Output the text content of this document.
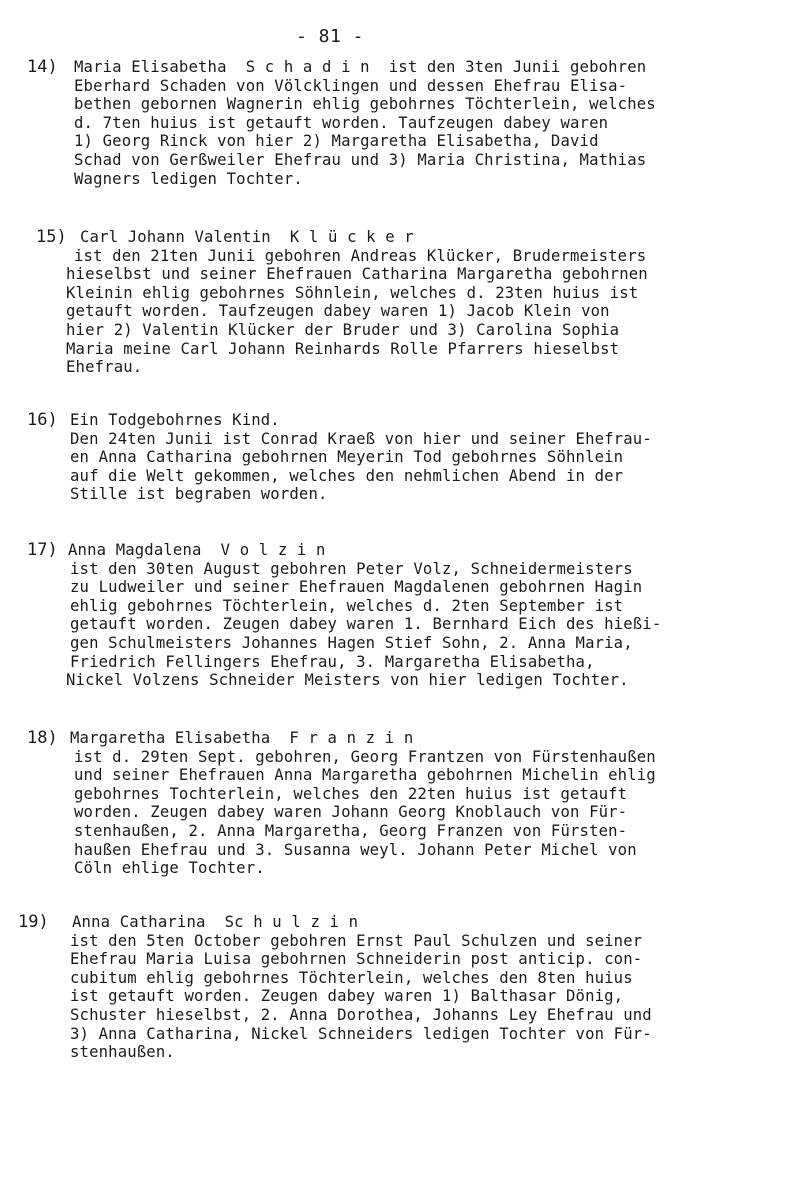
- 81 -
14) Maria Elisabetha  S c h a d i n  ist den 3ten Junii gebohren
Eberhard Schaden von Völcklingen und dessen Ehefrau Elisa-
bethen gebornen Wagnerin ehlig gebohrnes Töchterlein, welches
d. 7ten huius ist getauft worden. Taufzeugen dabey waren
1) Georg Rinck von hier 2) Margaretha Elisabetha, David
Schad von Gerßweiler Ehefrau und 3) Maria Christina, Mathias
Wagners ledigen Tochter.
15) Carl Johann Valentin  K l ü c k e r
ist den 21ten Junii gebohren Andreas Klücker, Brudermeisters
hieselbst und seiner Ehefrauen Catharina Margaretha gebohrnen
Kleinin ehlig gebohrnes Söhnlein, welches d. 23ten huius ist
getauft worden. Taufzeugen dabey waren 1) Jacob Klein von
hier 2) Valentin Klücker der Bruder und 3) Carolina Sophia
Maria meine Carl Johann Reinhards Rolle Pfarrers hieselbst
Ehefrau.
16) Ein Todgebohrnes Kind.
Den 24ten Junii ist Conrad Kraeß von hier und seiner Ehefrau-
en Anna Catharina gebohrnen Meyerin Tod gebohrnes Söhnlein
auf die Welt gekommen, welches den nehmlichen Abend in der
Stille ist begraben worden.
17) Anna Magdalena  V o l z i n
ist den 30ten August gebohren Peter Volz, Schneidermeisters
zu Ludweiler und seiner Ehefrauen Magdalenen gebohrnen Hagin
ehlig gebohrnes Töchterlein, welches d. 2ten September ist
getauft worden. Zeugen dabey waren 1. Bernhard Eich des hießi-
gen Schulmeisters Johannes Hagen Stief Sohn, 2. Anna Maria,
Friedrich Fellingers Ehefrau, 3. Margaretha Elisabetha,
Nickel Volzens Schneider Meisters von hier ledigen Tochter.
18) Margaretha Elisabetha  F r a n z i n
ist d. 29ten Sept. gebohren, Georg Frantzen von Fürstenhaußen
und seiner Ehefrauen Anna Margaretha gebohrnen Michelin ehlig
gebohrnes Tochterlein, welches den 22ten huius ist getauft
worden. Zeugen dabey waren Johann Georg Knoblauch von Für-
stenhaußen, 2. Anna Margaretha, Georg Franzen von Fürsten-
haußen Ehefrau und 3. Susanna weyl. Johann Peter Michel von
Cöln ehlige Tochter.
19) Anna Catharina  Sc h u l z i n
ist den 5ten October gebohren Ernst Paul Schulzen und seiner
Ehefrau Maria Luisa gebohrnen Schneiderin post anticip. con-
cubitum ehlig gebohrnes Töchterlein, welches den 8ten huius
ist getauft worden. Zeugen dabey waren 1) Balthasar Dönig,
Schuster hieselbst, 2. Anna Dorothea, Johanns Ley Ehefrau und
3) Anna Catharina, Nickel Schneiders ledigen Tochter von Für-
stenhaußen.
